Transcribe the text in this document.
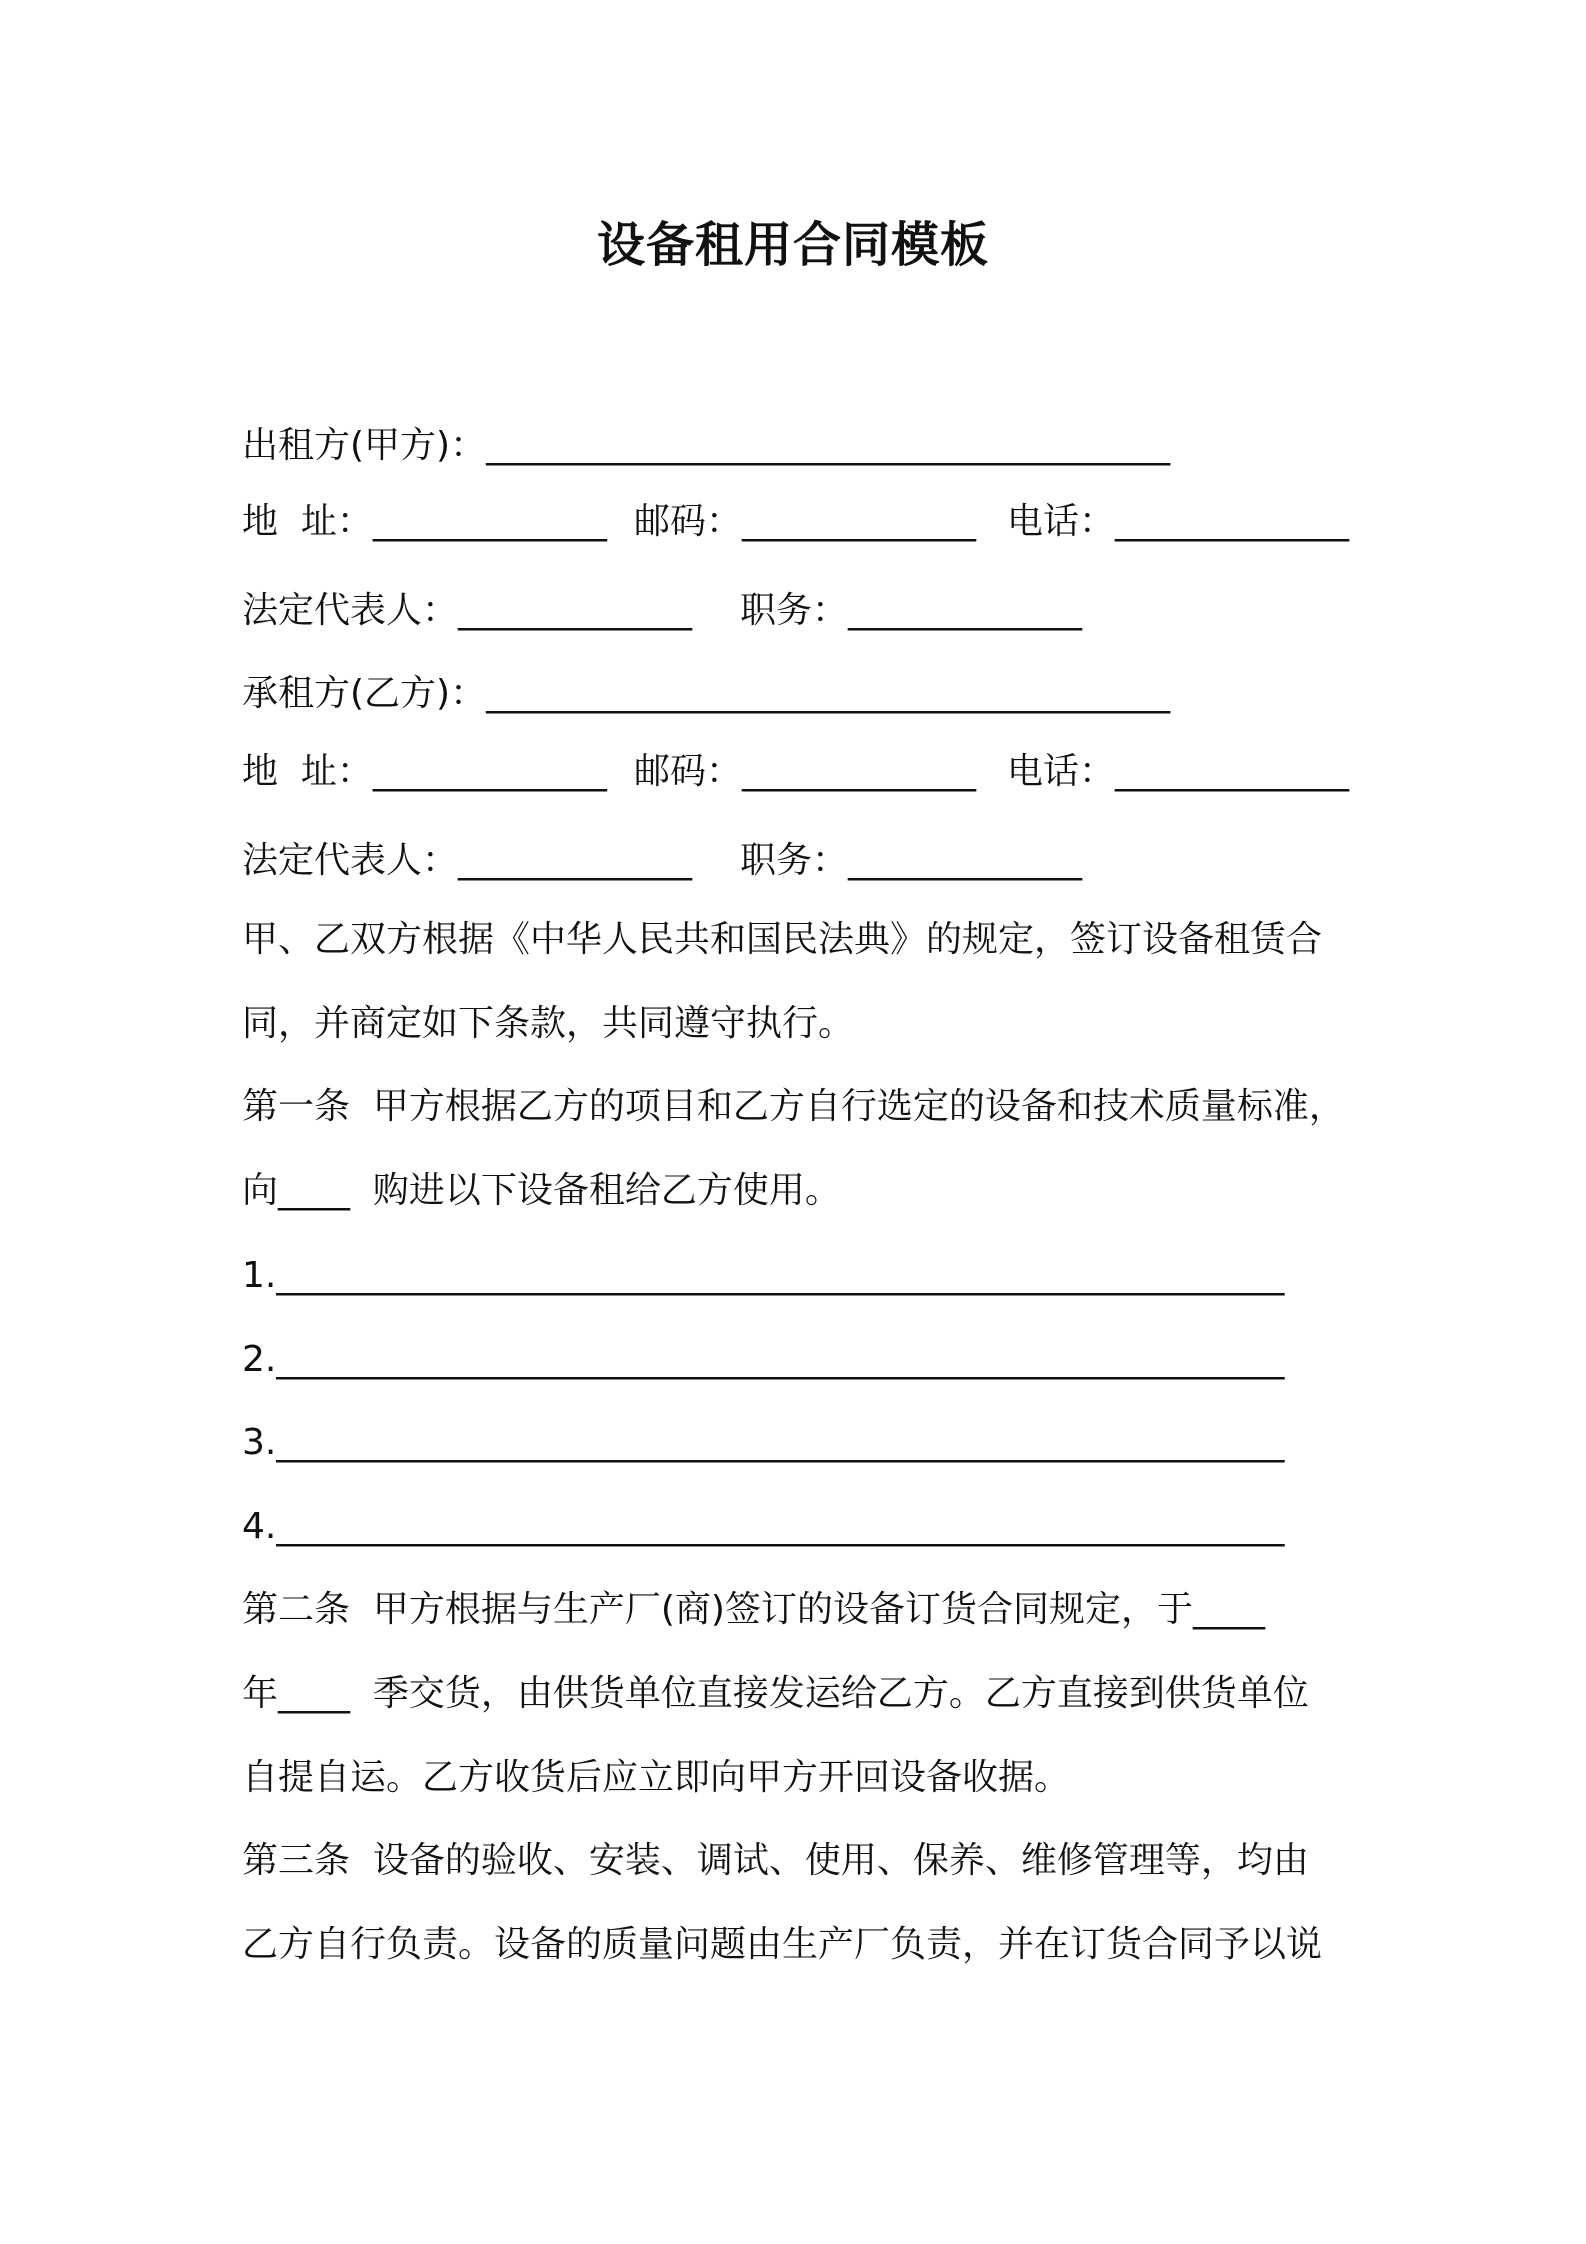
设备租用合同模板
出租方(甲方)：______________________________________

地  址：_____________

邮码：_____________

电话：_____________

法定代表人：_____________

职务：_____________

承租方(乙方)：______________________________________

地  址：_____________

邮码：_____________

电话：_____________

法定代表人：_____________

职务：_____________

甲、乙双方根据《中华人民共和国民法典》的规定，签订设备租赁合
同，并商定如下条款，共同遵守执行。
第一条  甲方根据乙方的项目和乙方自行选定的设备和技术质量标准，
向____  购进以下设备租给乙方使用。
1.________________________________________________________
2.________________________________________________________
3.________________________________________________________
4.________________________________________________________
第二条  甲方根据与生产厂(商)签订的设备订货合同规定，于____
年____  季交货，由供货单位直接发运给乙方。乙方直接到供货单位
自提自运。乙方收货后应立即向甲方开回设备收据。
第三条  设备的验收、安装、调试、使用、保养、维修管理等，均由
乙方自行负责。设备的质量问题由生产厂负责，并在订货合同予以说
